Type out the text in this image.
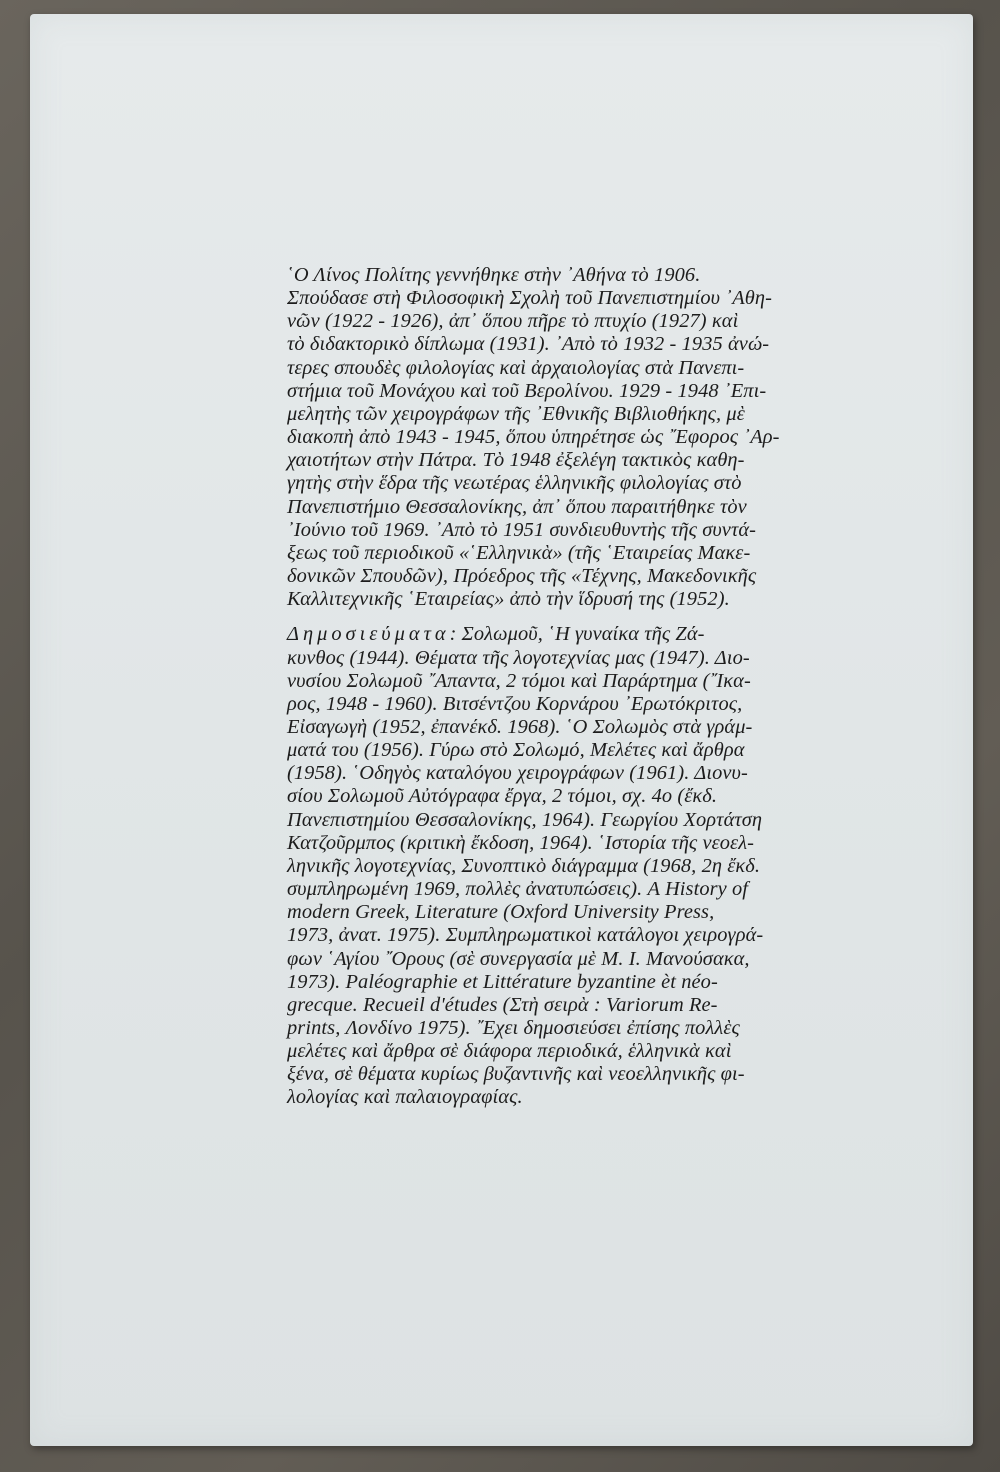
῾Ο Λίνος Πολίτης γεννήθηκε στὴν ᾿Αθήνα τὸ 1906.
Σπούδασε στὴ Φιλοσοφικὴ Σχολὴ τοῦ Πανεπιστημίου ᾿Αθη-
νῶν (1922 - 1926), ἀπ᾿ ὅπου πῆρε τὸ πτυχίο (1927) καὶ
τὸ διδακτορικὸ δίπλωμα (1931). ᾿Απὸ τὸ 1932 - 1935 ἀνώ-
τερες σπουδὲς φιλολογίας καὶ ἀρχαιολογίας στὰ Πανεπι-
στήμια τοῦ Μονάχου καὶ τοῦ Βερολίνου. 1929 - 1948 ᾿Επι-
μελητὴς τῶν χειρογράφων τῆς ᾿Εθνικῆς Βιβλιοθήκης, μὲ
διακοπὴ ἀπὸ 1943 - 1945, ὅπου ὑπηρέτησε ὡς ῎Εφορος ᾿Αρ-
χαιοτήτων στὴν Πάτρα. Τὸ 1948 ἐξελέγη τακτικὸς καθη-
γητὴς στὴν ἕδρα τῆς νεωτέρας ἑλληνικῆς φιλολογίας στὸ
Πανεπιστήμιο Θεσσαλονίκης, ἀπ᾿ ὅπου παραιτήθηκε τὸν
᾿Ιούνιο τοῦ 1969. ᾿Απὸ τὸ 1951 συνδιευθυντὴς τῆς συντά-
ξεως τοῦ περιοδικοῦ «῾Ελληνικὰ» (τῆς ῾Εταιρείας Μακε-
δονικῶν Σπουδῶν), Πρόεδρος τῆς «Τέχνης, Μακεδονικῆς
Καλλιτεχνικῆς ῾Εταιρείας» ἀπὸ τὴν ἵδρυσή της (1952).

Δημοσιεύματα: Σολωμοῦ, ῾Η γυναίκα τῆς Ζά-
κυνθος (1944). Θέματα τῆς λογοτεχνίας μας (1947). Διο-
νυσίου Σολωμοῦ ῎Απαντα, 2 τόμοι καὶ Παράρτημα (῎Ικα-
ρος, 1948 - 1960). Βιτσέντζου Κορνάρου ᾿Ερωτόκριτος,
Εἰσαγωγὴ (1952, ἐπανέκδ. 1968). ῾Ο Σολωμὸς στὰ γράμ-
ματά του (1956). Γύρω στὸ Σολωμό, Μελέτες καὶ ἄρθρα
(1958). ῾Οδηγὸς καταλόγου χειρογράφων (1961). Διονυ-
σίου Σολωμοῦ Αὐτόγραφα ἔργα, 2 τόμοι, σχ. 4ο (ἔκδ.
Πανεπιστημίου Θεσσαλονίκης, 1964). Γεωργίου Χορτάτση
Κατζοῦρμπος (κριτικὴ ἔκδοση, 1964). ῾Ιστορία τῆς νεοελ-
ληνικῆς λογοτεχνίας, Συνοπτικὸ διάγραμμα (1968, 2η ἔκδ.
συμπληρωμένη 1969, πολλὲς ἀνατυπώσεις). A History of
modern Greek, Literature (Oxford University Press,
1973, ἀνατ. 1975). Συμπληρωματικοὶ κατάλογοι χειρογρά-
φων ῾Αγίου ῎Ορους (σὲ συνεργασία μὲ Μ. Ι. Μανούσακα,
1973). Paléographie et Littérature byzantine èt néo-
grecque. Recueil d'études (Στὴ σειρὰ : Variorum Re-
prints, Λονδίνο 1975). ῎Εχει δημοσιεύσει ἐπίσης πολλὲς
μελέτες καὶ ἄρθρα σὲ διάφορα περιοδικά, ἑλληνικὰ καὶ
ξένα, σὲ θέματα κυρίως βυζαντινῆς καὶ νεοελληνικῆς φι-
λολογίας καὶ παλαιογραφίας.
